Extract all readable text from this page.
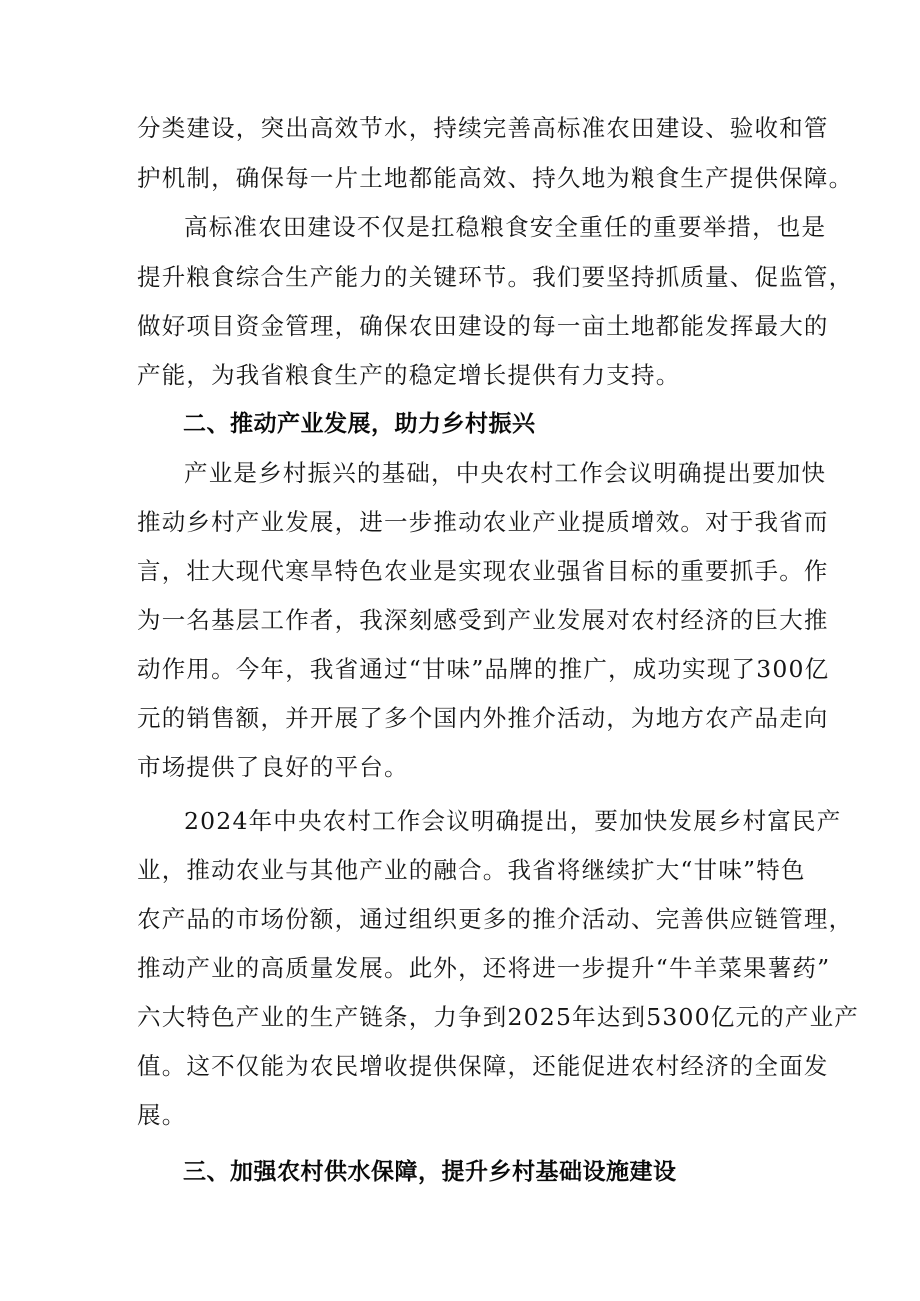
分类建设，突出高效节水，持续完善高标准农田建设、验收和管
护机制，确保每一片土地都能高效、持久地为粮食生产提供保障。
高标准农田建设不仅是扛稳粮食安全重任的重要举措，也是
提升粮食综合生产能力的关键环节。我们要坚持抓质量、促监管，
做好项目资金管理，确保农田建设的每一亩土地都能发挥最大的
产能，为我省粮食生产的稳定增长提供有力支持。
二、推动产业发展，助力乡村振兴
产业是乡村振兴的基础，中央农村工作会议明确提出要加快
推动乡村产业发展，进一步推动农业产业提质增效。对于我省而
言，壮大现代寒旱特色农业是实现农业强省目标的重要抓手。作
为一名基层工作者，我深刻感受到产业发展对农村经济的巨大推
动作用。今年，我省通过“甘味”品牌的推广，成功实现了300亿
元的销售额，并开展了多个国内外推介活动，为地方农产品走向
市场提供了良好的平台。
2024年中央农村工作会议明确提出，要加快发展乡村富民产
业，推动农业与其他产业的融合。我省将继续扩大“甘味”特色
农产品的市场份额，通过组织更多的推介活动、完善供应链管理，
推动产业的高质量发展。此外，还将进一步提升“牛羊菜果薯药”
六大特色产业的生产链条，力争到2025年达到5300亿元的产业产
值。这不仅能为农民增收提供保障，还能促进农村经济的全面发
展。
三、加强农村供水保障，提升乡村基础设施建设
